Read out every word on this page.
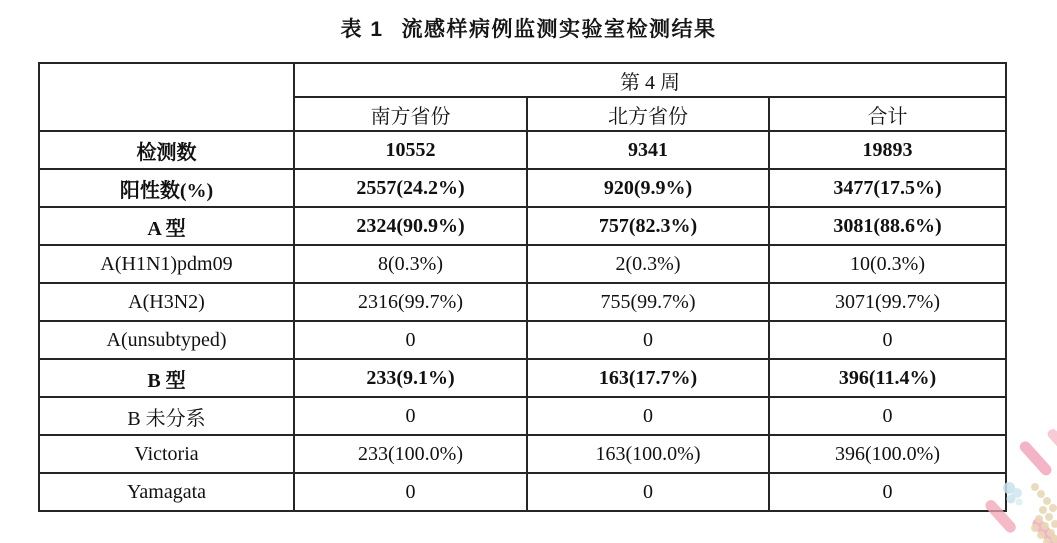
表 1 流感样病例监测实验室检测结果
	第 4 周		
	南方省份	北方省份	合计
检测数	10552	9341	19893
阳性数(%)	2557(24.2%)	920(9.9%)	3477(17.5%)
A 型	2324(90.9%)	757(82.3%)	3081(88.6%)
A(H1N1)pdm09	8(0.3%)	2(0.3%)	10(0.3%)
A(H3N2)	2316(99.7%)	755(99.7%)	3071(99.7%)
A(unsubtyped)	0	0	0
B 型	233(9.1%)	163(17.7%)	396(11.4%)
B 未分系	0	0	0
Victoria	233(100.0%)	163(100.0%)	396(100.0%)
Yamagata	0	0	0
